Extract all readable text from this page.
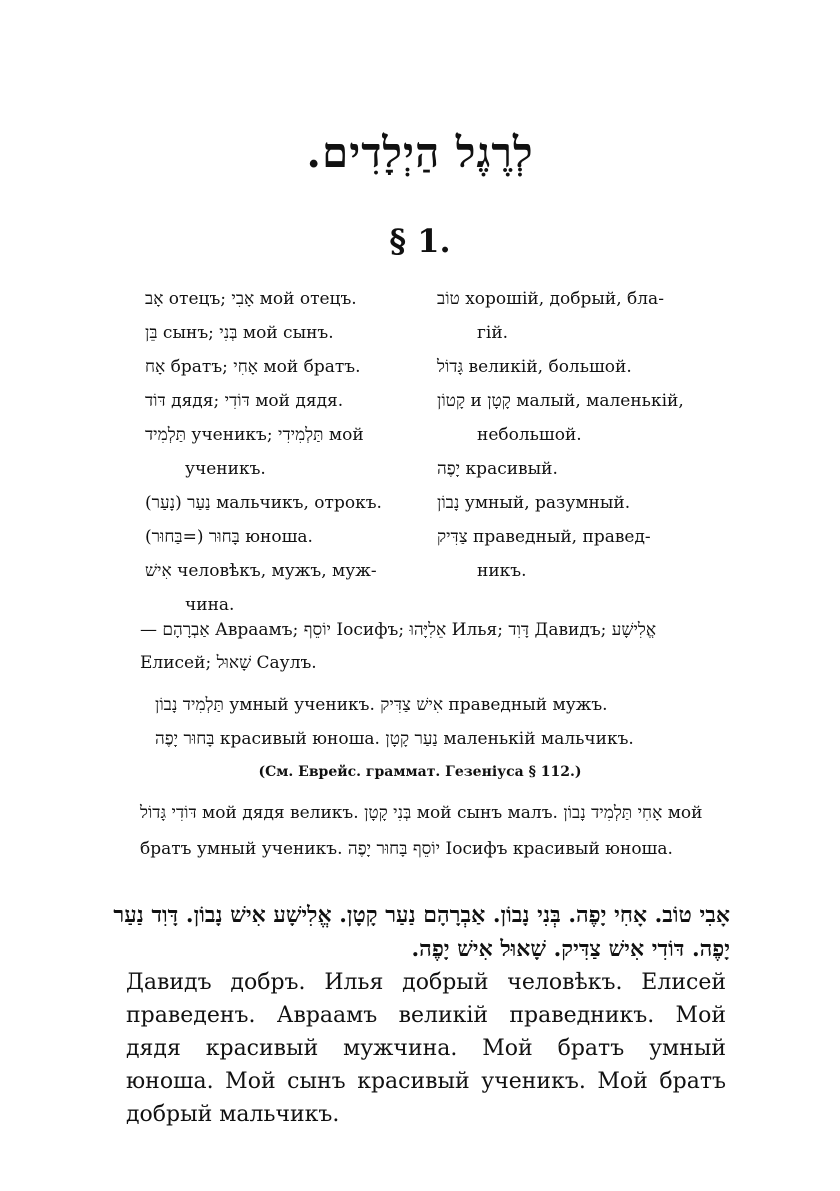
לְרֶגֶל הַיְלָדִים.
§ 1.
אָב отецъ; אָבִי мой отецъ.
בֵּן сынъ; בְּנִי мой сынъ.
אָח братъ; אָחִי мой братъ.
דּוֹד дядя; דּוֹדִי мой дядя.
תַּלְמִיד ученикъ; תַּלְמִידִי мой
ученикъ.
נַעַר (נָעַר) мальчикъ, отрокъ.
בָּחוּר (=בַּחוּר) юноша.
אִישׁ человѣкъ, мужъ, муж-
чина.
טוֹב хорошій, добрый, бла-
гій.
גָּדוֹל великій, большой.
קָטוֹן и קָטָן малый, маленькій,
небольшой.
יָפֶה красивый.
נָבוֹן умный, разумный.
צַדִּיק праведный, правед-
никъ.
— אַבְרָהָם Авраамъ; יוֹסֵף Іосифъ; אֵלִיָּהוּ Илья; דָּוִד Давидъ; אֱלִישָׁע Елисей; שָׁאוּל Саулъ.
תַּלְמִיד נָבוֹן умный ученикъ. אִישׁ צַדִּיק праведный мужъ.
בָּחוּר יָפֶה красивый юноша. נַעַר קָטָן маленькій мальчикъ.
(См. Еврейс. граммат. Гезеніуса § 112.)
דּוֹדִי גָּדוֹל мой дядя великъ. בְּנִי קָטָן мой сынъ малъ. אָחִי תַּלְמִיד נָבוֹן мой братъ умный ученикъ. יוֹסֵף בָּחוּר יָפֶה Іосифъ красивый юноша.
אָבִי טוֹב. אָחִי יָפֶה. בְּנִי נָבוֹן. אַבְרָהָם נַעַר קָטָן. אֱלִישָׁע אִישׁ נָבוֹן. דָּוִד נַעַר יָפֶה. דּוֹדִי אִישׁ צַדִּיק. שָׁאוּל אִישׁ יָפֶה.
Давидъ добръ. Илья добрый человѣкъ. Елисей праведенъ. Авраамъ великій праведникъ. Мой дядя красивый мужчина. Мой братъ умный юноша. Мой сынъ красивый ученикъ. Мой братъ добрый мальчикъ.
